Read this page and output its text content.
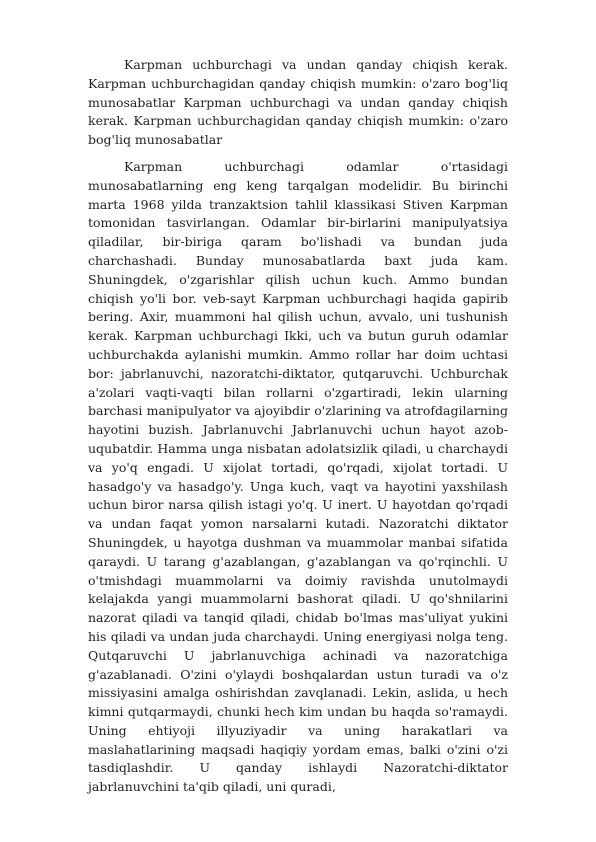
Karpman uchburchagi va undan qanday chiqish kerak. Karpman uchburchagidan qanday chiqish mumkin: o'zaro bog'liq munosabatlar Karpman uchburchagi va undan qanday chiqish kerak. Karpman uchburchagidan qanday chiqish mumkin: o'zaro bog'liq munosabatlar

Karpman uchburchagi odamlar o'rtasidagi munosabatlarning eng keng tarqalgan modelidir. Bu birinchi marta 1968 yilda tranzaktsion tahlil klassikasi Stiven Karpman tomonidan tasvirlangan. Odamlar bir-birlarini manipulyatsiya qiladilar, bir-biriga qaram bo'lishadi va bundan juda charchashadi. Bunday munosabatlarda baxt juda kam. Shuningdek, o'zgarishlar qilish uchun kuch. Ammo bundan chiqish yo'li bor. veb-sayt Karpman uchburchagi haqida gapirib bering. Axir, muammoni hal qilish uchun, avvalo, uni tushunish kerak. Karpman uchburchagi Ikki, uch va butun guruh odamlar uchburchakda aylanishi mumkin. Ammo rollar har doim uchtasi bor: jabrlanuvchi, nazoratchi-diktator, qutqaruvchi. Uchburchak a'zolari vaqti-vaqti bilan rollarni o'zgartiradi, lekin ularning barchasi manipulyator va ajoyibdir o'zlarining va atrofdagilarning hayotini buzish. Jabrlanuvchi Jabrlanuvchi uchun hayot azob-uqubatdir. Hamma unga nisbatan adolatsizlik qiladi, u charchaydi va yo'q engadi. U xijolat tortadi, qo'rqadi, xijolat tortadi. U hasadgo'y va hasadgo'y. Unga kuch, vaqt va hayotini yaxshilash uchun biror narsa qilish istagi yo'q. U inert. U hayotdan qo'rqadi va undan faqat yomon narsalarni kutadi. Nazoratchi diktator Shuningdek, u hayotga dushman va muammolar manbai sifatida qaraydi. U tarang g'azablangan, g'azablangan va qo'rqinchli. U o'tmishdagi muammolarni va doimiy ravishda unutolmaydi kelajakda yangi muammolarni bashorat qiladi. U qo'shnilarini nazorat qiladi va tanqid qiladi, chidab bo'lmas mas'uliyat yukini his qiladi va undan juda charchaydi. Uning energiyasi nolga teng. Qutqaruvchi U jabrlanuvchiga achinadi va nazoratchiga g'azablanadi. O'zini o'ylaydi boshqalardan ustun turadi va o'z missiyasini amalga oshirishdan zavqlanadi. Lekin, aslida, u hech kimni qutqarmaydi, chunki hech kim undan bu haqda so'ramaydi. Uning ehtiyoji illyuziyadir va uning harakatlari va maslahatlarining maqsadi haqiqiy yordam emas, balki o'zini o'zi tasdiqlashdir. U qanday ishlaydi Nazoratchi-diktator jabrlanuvchini ta'qib qiladi, uni quradi,
